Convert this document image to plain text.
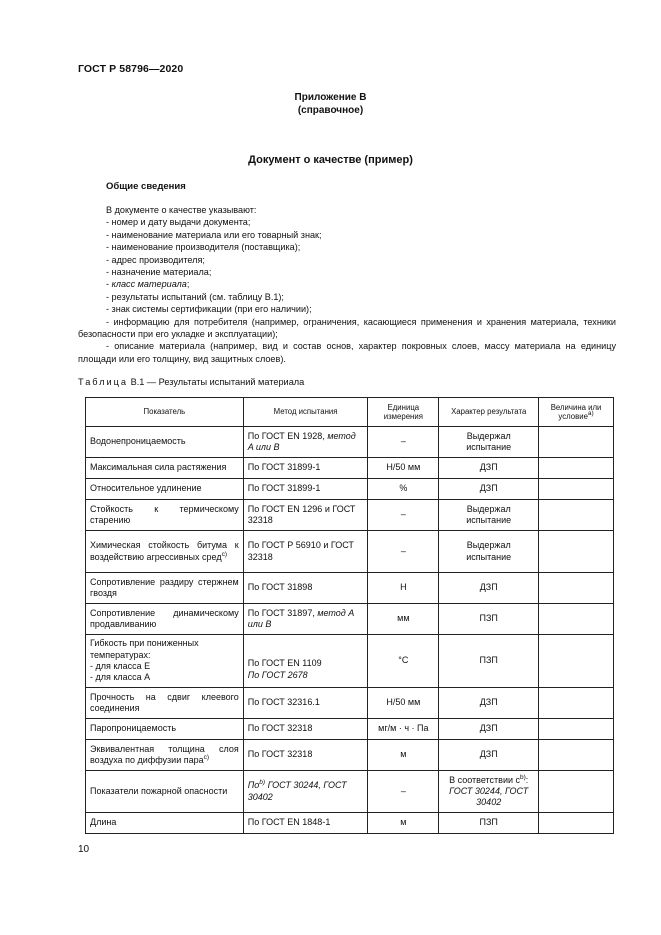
ГОСТ Р 58796—2020
Приложение В
(справочное)
Документ о качестве (пример)
Общие сведения
В документе о качестве указывают:
- номер и дату выдачи документа;
- наименование материала или его товарный знак;
- наименование производителя (поставщика);
- адрес производителя;
- назначение материала;
- класс материала;
- результаты испытаний (см. таблицу В.1);
- знак системы сертификации (при его наличии);
- информацию для потребителя (например, ограничения, касающиеся применения и хранения материала, техники безопасности при его укладке и эксплуатации);
- описание материала (например, вид и состав основ, характер покровных слоев, массу материала на единицу площади или его толщину, вид защитных слоев).
Таблица В.1 — Результаты испытаний материала
Показатель	Метод испытания	Единица измерения	Характер результата	Величина или условие$^{а)}$
Водонепроницаемость	По ГОСТ EN 1928, метод A или B	–	Выдержал испытание	
Максимальная сила растяжения	По ГОСТ 31899-1	Н/50 мм	ДЗП	
Относительное удлинение	По ГОСТ 31899-1	%	ДЗП	
Стойкость к термическому старению	По ГОСТ EN 1296 и ГОСТ 32318	–	Выдержал испытание	
Химическая стойкость битума к воздействию агрессивных сред$^{c)}$	По ГОСТ Р 56910 и ГОСТ 32318	–	Выдержал испытание	
Сопротивление раздиру стержнем гвоздя	По ГОСТ 31898	Н	ДЗП	
Сопротивление динамическому продавливанию	По ГОСТ 31897, метод A или B	мм	ПЗП	
Гибкость при пониженных температурах:
- для класса Е
- для класса А	По ГОСТ EN 1109
По ГОСТ 2678	°С	ПЗП	
Прочность на сдвиг клеевого соединения	По ГОСТ 32316.1	Н/50 мм	ДЗП	
Паропроницаемость	По ГОСТ 32318	мг/м · ч · Па	ДЗП	
Эквивалентная толщина слоя воздуха по диффузии пара$^{c)}$	По ГОСТ 32318	м	ДЗП	
Показатели пожарной опасности	$По^{b)}$ ГОСТ 30244, ГОСТ 30402	–	В соответствии $с^{b)}$:
ГОСТ 30244, ГОСТ 30402	
Длина	По ГОСТ EN 1848-1	м	ПЗП	
10
